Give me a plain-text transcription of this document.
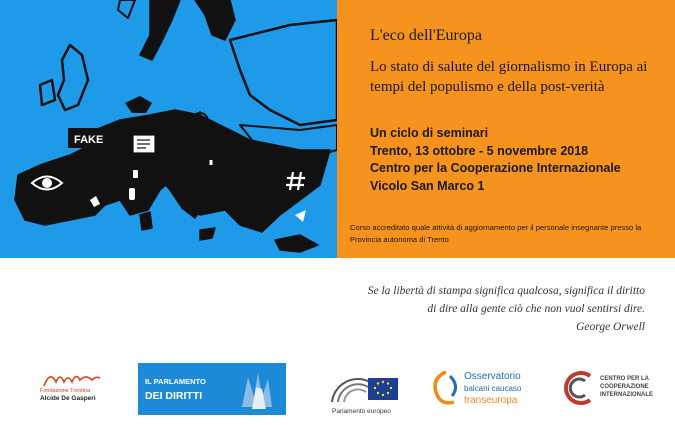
FAKE
L'eco dell'Europa
Lo stato di salute del giornalismo in Europa ai tempi del populismo e della post-verità
Un ciclo di seminari
Trento, 13 ottobre - 5 novembre 2018
Centro per la Cooperazione Internazionale
Vicolo San Marco 1
Corso accreditato quale attività di aggiornamento per il personale insegnante presso la Provincia autonoma di Trento
Se la libertà di stampa significa qualcosa, significa il diritto
di dire alla gente ciò che non vuol sentirsi dire.
George Orwell
Fondazione Trentina
Alcide De Gasperi
IL PARLAMENTO
DEI DIRITTI
Parlamento europeo
Osservatorio
balcani caucaso
transeuropa
CENTRO PER LA
COOPERAZIONE
INTERNAZIONALE
